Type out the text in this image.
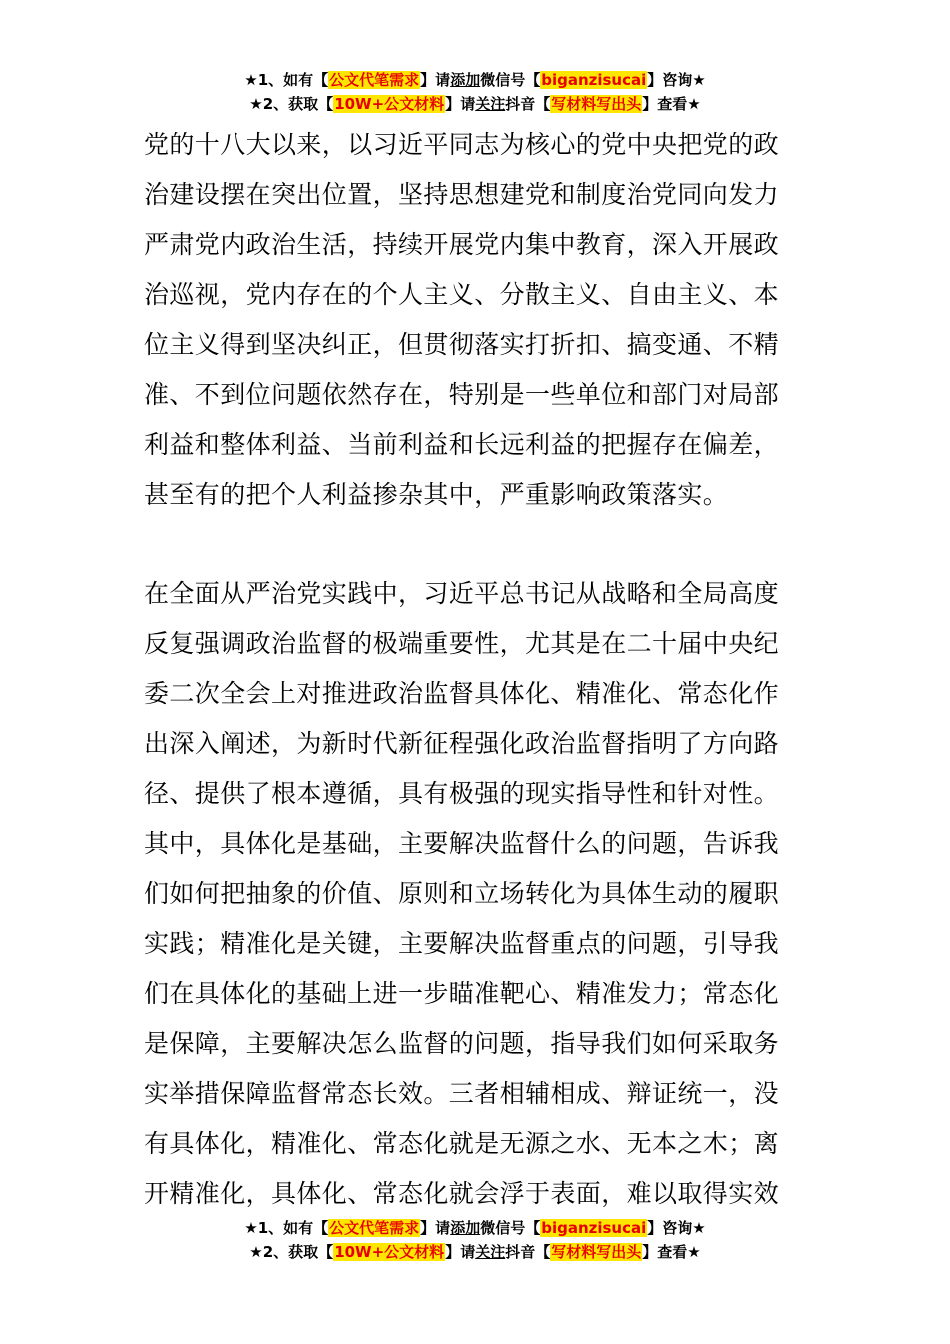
★1、如有【公文代笔需求】请添加微信号【biganzisucai】咨询★
★2、获取【10W+公文材料】请关注抖音【写材料写出头】查看★
党的十八大以来，以习近平同志为核心的党中央把党的政
治建设摆在突出位置，坚持思想建党和制度治党同向发力
严肃党内政治生活，持续开展党内集中教育，深入开展政
治巡视，党内存在的个人主义、分散主义、自由主义、本
位主义得到坚决纠正，但贯彻落实打折扣、搞变通、不精
准、不到位问题依然存在，特别是一些单位和部门对局部
利益和整体利益、当前利益和长远利益的把握存在偏差，
甚至有的把个人利益掺杂其中，严重影响政策落实。
在全面从严治党实践中，习近平总书记从战略和全局高度
反复强调政治监督的极端重要性，尤其是在二十届中央纪
委二次全会上对推进政治监督具体化、精准化、常态化作
出深入阐述，为新时代新征程强化政治监督指明了方向路
径、提供了根本遵循，具有极强的现实指导性和针对性。
其中，具体化是基础，主要解决监督什么的问题，告诉我
们如何把抽象的价值、原则和立场转化为具体生动的履职
实践；精准化是关键，主要解决监督重点的问题，引导我
们在具体化的基础上进一步瞄准靶心、精准发力；常态化
是保障，主要解决怎么监督的问题，指导我们如何采取务
实举措保障监督常态长效。三者相辅相成、辩证统一，没
有具体化，精准化、常态化就是无源之水、无本之木；离
开精准化，具体化、常态化就会浮于表面，难以取得实效
★1、如有【公文代笔需求】请添加微信号【biganzisucai】咨询★
★2、获取【10W+公文材料】请关注抖音【写材料写出头】查看★
